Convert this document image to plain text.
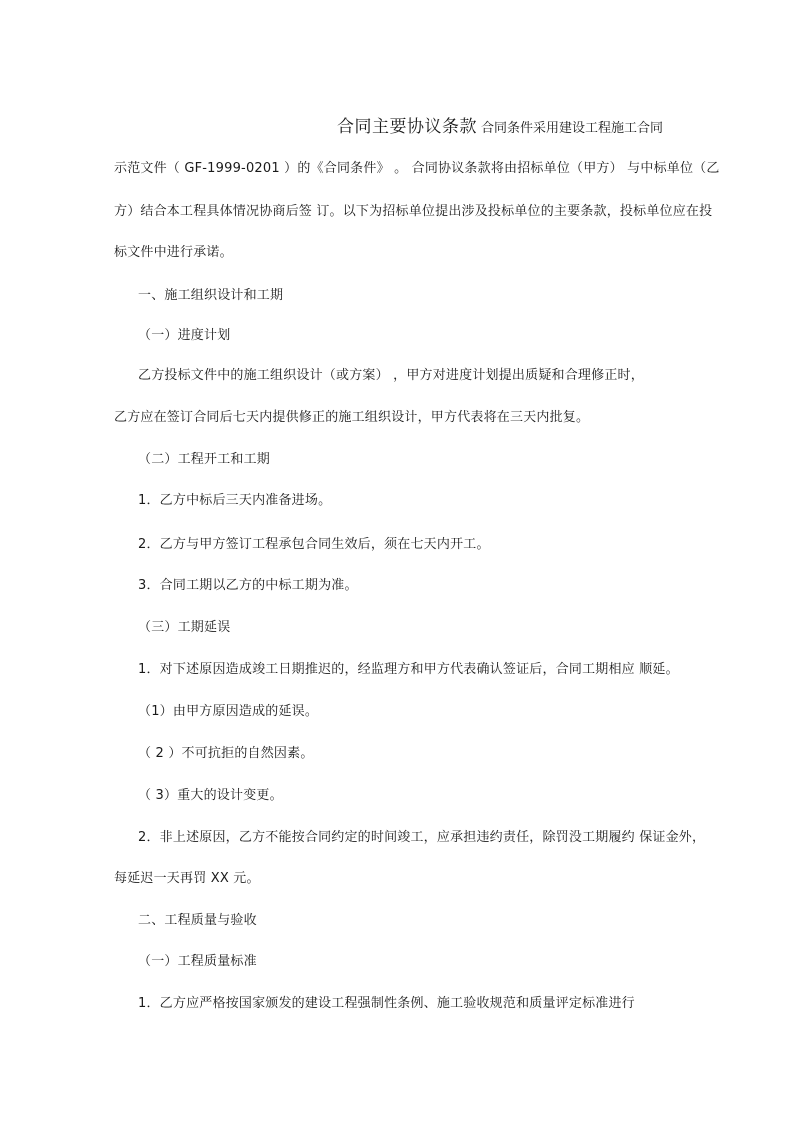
合同主要协议条款 合同条件采用建设工程施工合同
示范文件（ GF-1999-0201 ）的《合同条件》 。 合同协议条款将由招标单位（甲方） 与中标单位（乙
方）结合本工程具体情况协商后签 订。以下为招标单位提出涉及投标单位的主要条款，投标单位应在投
标文件中进行承诺。
一、施工组织设计和工期
（一）进度计划
乙方投标文件中的施工组织设计（或方案） ，甲方对进度计划提出质疑和合理修正时，
乙方应在签订合同后七天内提供修正的施工组织设计，甲方代表将在三天内批复。
（二）工程开工和工期
1．乙方中标后三天内准备进场。
2．乙方与甲方签订工程承包合同生效后，须在七天内开工。
3．合同工期以乙方的中标工期为准。
（三）工期延误
1．对下述原因造成竣工日期推迟的，经监理方和甲方代表确认签证后，合同工期相应 顺延。
（1）由甲方原因造成的延误。
（ 2 ）不可抗拒的自然因素。
（ 3）重大的设计变更。
2．非上述原因，乙方不能按合同约定的时间竣工，应承担违约责任，除罚没工期履约 保证金外，
每延迟一天再罚 XX 元。
二、工程质量与验收
（一）工程质量标准
1．乙方应严格按国家颁发的建设工程强制性条例、施工验收规范和质量评定标准进行
